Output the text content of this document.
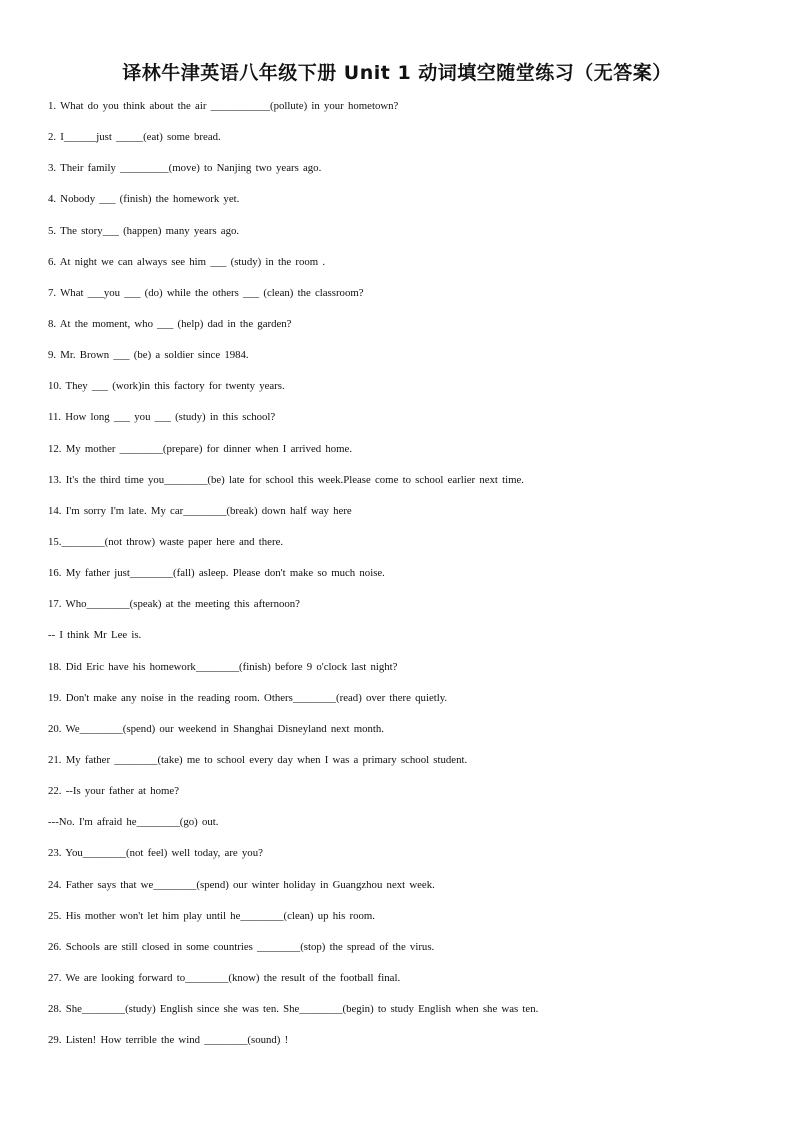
译林牛津英语八年级下册 Unit 1 动词填空随堂练习（无答案）
1. What do you think about the air ___________(pollute) in your hometown?
2. I______just _____(eat) some bread.
3. Their family _________(move) to Nanjing two years ago.
4. Nobody ___ (finish) the homework yet.
5. The story___ (happen) many years ago.
6. At night we can always see him ___ (study) in the room .
7. What ___you ___ (do) while the others ___ (clean) the classroom?
8. At the moment, who ___ (help) dad in the garden?
9. Mr. Brown ___ (be) a soldier since 1984.
10. They ___ (work)in this factory for twenty years.
11. How long ___ you ___ (study) in this school?
12. My mother ________(prepare) for dinner when I arrived home.
13. It's the third time you________(be) late for school this week.Please come to school earlier next time.
14. I'm sorry I'm late. My car________(break) down half way here
15.________(not throw) waste paper here and there.
16. My father just________(fall) asleep. Please don't make so much noise.
17. Who________(speak) at the meeting this afternoon?
-- I think Mr Lee is.
18. Did Eric have his homework________(finish) before 9 o'clock last night?
19. Don't make any noise in the reading room. Others________(read) over there quietly.
20. We________(spend) our weekend in Shanghai Disneyland next month.
21. My father ________(take) me to school every day when I was a primary school student.
22. --Is your father at home?
---No. I'm afraid he________(go) out.
23. You________(not feel) well today, are you?
24. Father says that we________(spend) our winter holiday in Guangzhou next week.
25. His mother won't let him play until he________(clean) up his room.
26. Schools are still closed in some countries ________(stop) the spread of the virus.
27. We are looking forward to________(know) the result of the football final.
28. She________(study) English since she was ten. She________(begin) to study English when she was ten.
29. Listen! How terrible the wind ________(sound) !
